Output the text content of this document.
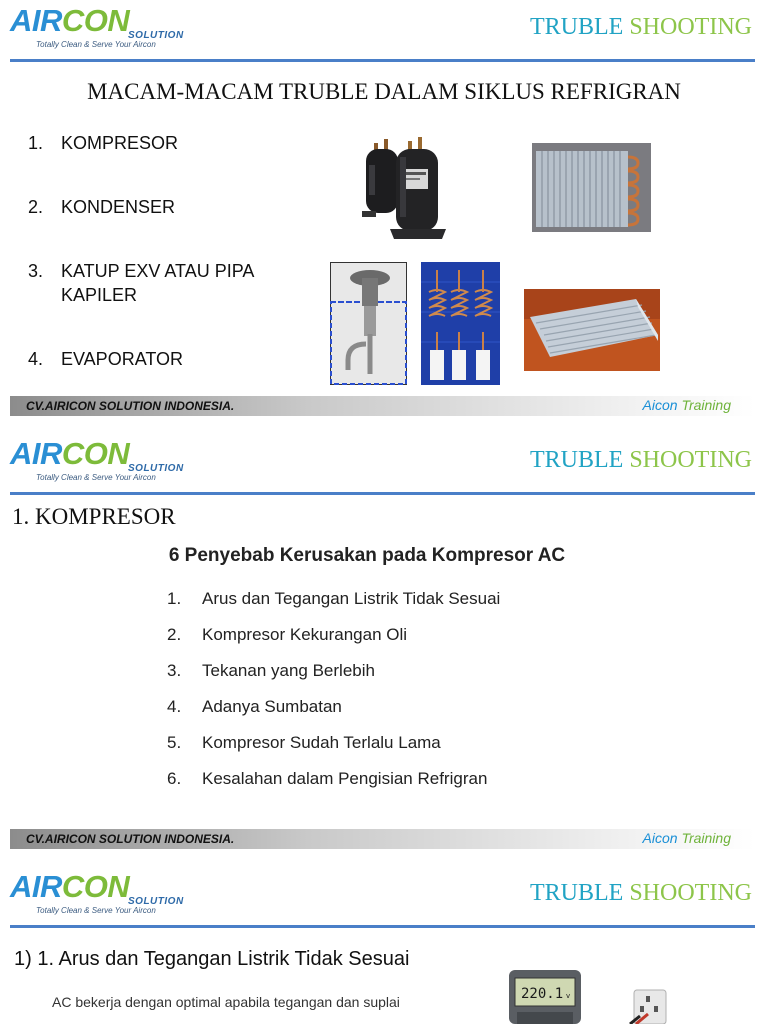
AIRCON
SOLUTION
Totally Clean & Serve Your Aircon
TRUBLE SHOOTING
MACAM-MACAM TRUBLE DALAM SIKLUS REFRIGRAN
1. KOMPRESOR
2. KONDENSER
3. KATUP EXV ATAU PIPA
KAPILER
4. EVAPORATOR
CV.AIRICON SOLUTION INDONESIA.	Aicon Training
AIRCON
SOLUTION
Totally Clean & Serve Your Aircon
TRUBLE SHOOTING
1. KOMPRESOR
6 Penyebab Kerusakan pada Kompresor AC
1. Arus dan Tegangan Listrik Tidak Sesuai
2. Kompresor Kekurangan Oli
3. Tekanan yang Berlebih
4. Adanya Sumbatan
5. Kompresor Sudah Terlalu Lama
6. Kesalahan dalam Pengisian Refrigran
CV.AIRICON SOLUTION INDONESIA.	Aicon Training
AIRCON
SOLUTION
Totally Clean & Serve Your Aircon
TRUBLE SHOOTING
1) 1. Arus dan Tegangan Listrik Tidak Sesuai
AC bekerja dengan optimal apabila tegangan dan suplai	220.1 v
